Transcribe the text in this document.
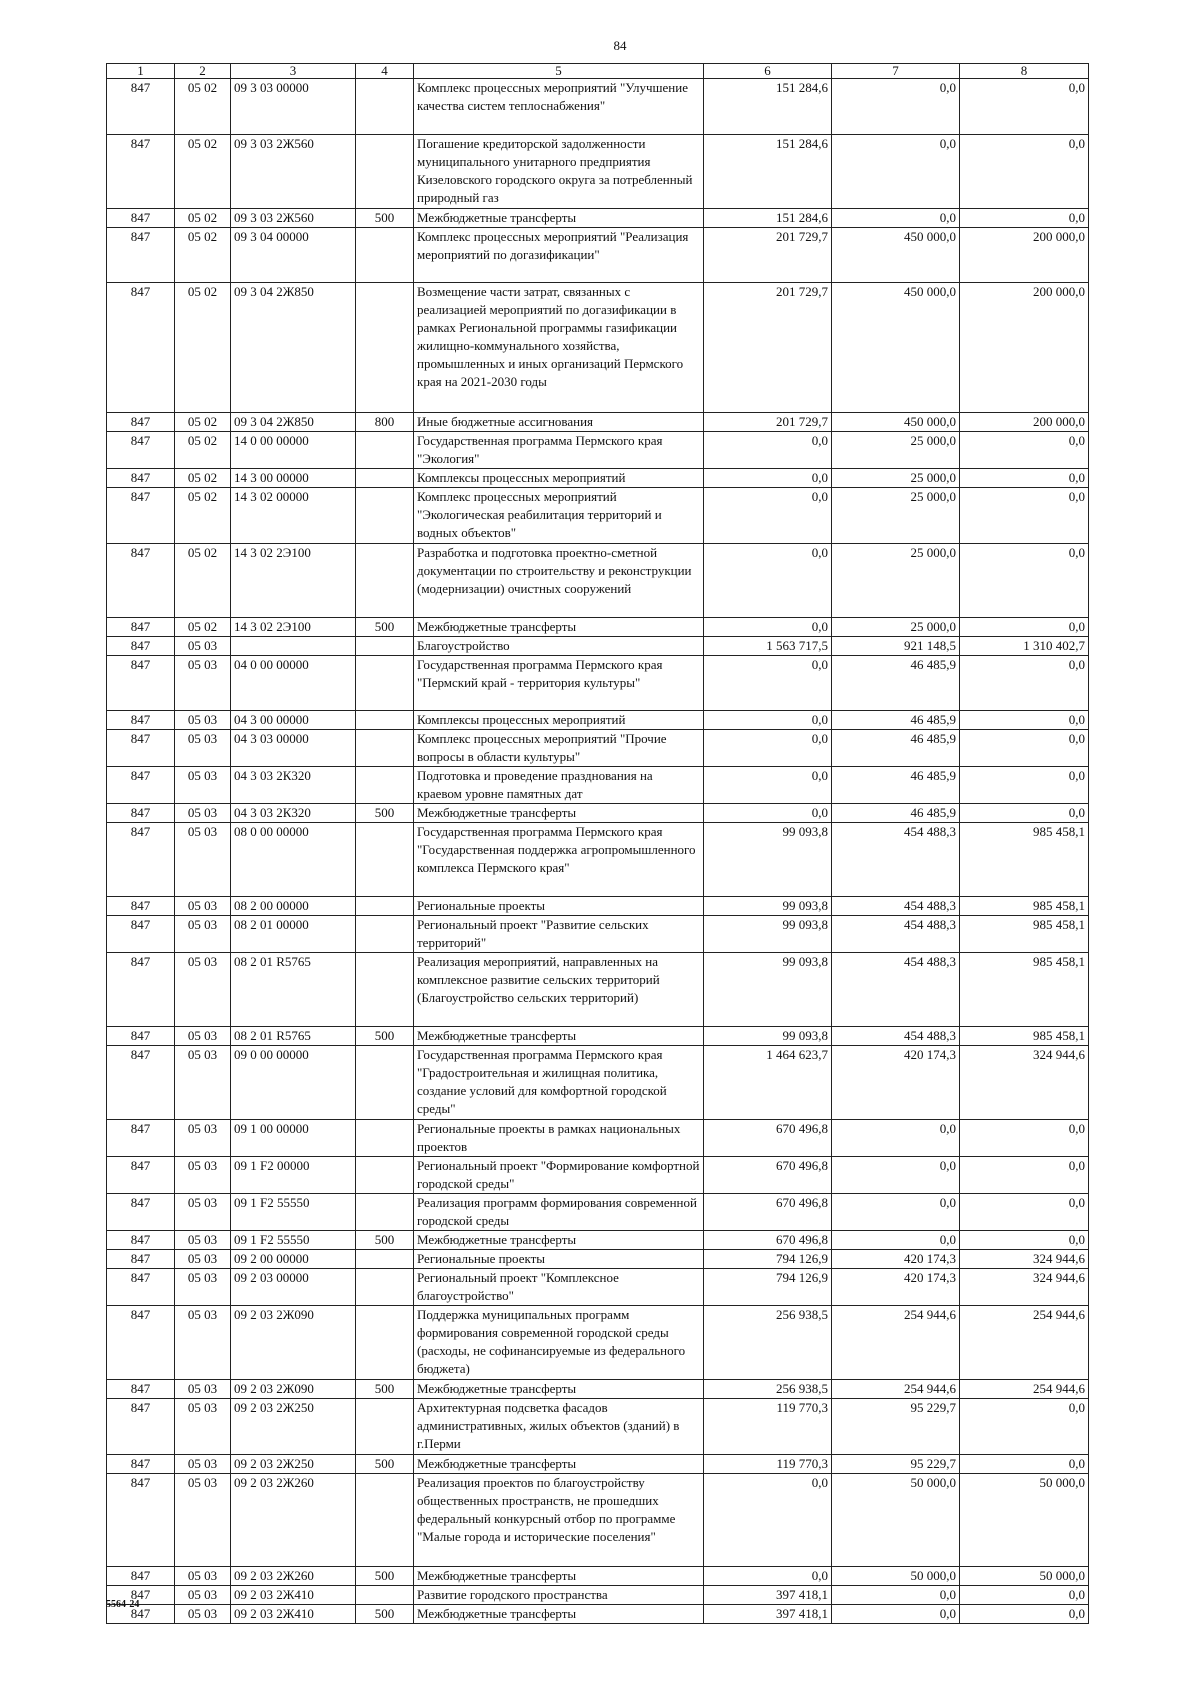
84
1	2	3	4	5	6	7	8
847	05 02	09 3 03 00000		Комплекс процессных мероприятий "Улучшение качества систем теплоснабжения"	151 284,6	0,0	0,0
847	05 02	09 3 03 2Ж560		Погашение кредиторской задолженности муниципального унитарного предприятия Кизеловского городского округа за потребленный природный газ	151 284,6	0,0	0,0
847	05 02	09 3 03 2Ж560	500	Межбюджетные трансферты	151 284,6	0,0	0,0
847	05 02	09 3 04 00000		Комплекс процессных мероприятий "Реализация мероприятий по догазификации"	201 729,7	450 000,0	200 000,0
847	05 02	09 3 04 2Ж850		Возмещение части затрат, связанных с реализацией мероприятий по догазификации в рамках Региональной программы газификации жилищно-коммунального хозяйства, промышленных и иных организаций Пермского края на 2021-2030 годы	201 729,7	450 000,0	200 000,0
847	05 02	09 3 04 2Ж850	800	Иные бюджетные ассигнования	201 729,7	450 000,0	200 000,0
847	05 02	14 0 00 00000		Государственная программа Пермского края "Экология"	0,0	25 000,0	0,0
847	05 02	14 3 00 00000		Комплексы процессных мероприятий	0,0	25 000,0	0,0
847	05 02	14 3 02 00000		Комплекс процессных мероприятий "Экологическая реабилитация территорий и водных объектов"	0,0	25 000,0	0,0
847	05 02	14 3 02 2Э100		Разработка и подготовка проектно-сметной документации по строительству и реконструкции (модернизации) очистных сооружений	0,0	25 000,0	0,0
847	05 02	14 3 02 2Э100	500	Межбюджетные трансферты	0,0	25 000,0	0,0
847	05 03			Благоустройство	1 563 717,5	921 148,5	1 310 402,7
847	05 03	04 0 00 00000		Государственная программа Пермского края "Пермский край - территория культуры"	0,0	46 485,9	0,0
847	05 03	04 3 00 00000		Комплексы процессных мероприятий	0,0	46 485,9	0,0
847	05 03	04 3 03 00000		Комплекс процессных мероприятий "Прочие вопросы в области культуры"	0,0	46 485,9	0,0
847	05 03	04 3 03 2К320		Подготовка и проведение празднования на краевом уровне памятных дат	0,0	46 485,9	0,0
847	05 03	04 3 03 2К320	500	Межбюджетные трансферты	0,0	46 485,9	0,0
847	05 03	08 0 00 00000		Государственная программа Пермского края "Государственная поддержка агропромышленного комплекса Пермского края"	99 093,8	454 488,3	985 458,1
847	05 03	08 2 00 00000		Региональные проекты	99 093,8	454 488,3	985 458,1
847	05 03	08 2 01 00000		Региональный проект "Развитие сельских территорий"	99 093,8	454 488,3	985 458,1
847	05 03	08 2 01 R5765		Реализация мероприятий, направленных на комплексное развитие сельских территорий (Благоустройство сельских территорий)	99 093,8	454 488,3	985 458,1
847	05 03	08 2 01 R5765	500	Межбюджетные трансферты	99 093,8	454 488,3	985 458,1
847	05 03	09 0 00 00000		Государственная программа Пермского края "Градостроительная и жилищная политика, создание условий для комфортной городской среды"	1 464 623,7	420 174,3	324 944,6
847	05 03	09 1 00 00000		Региональные проекты в рамках национальных проектов	670 496,8	0,0	0,0
847	05 03	09 1 F2 00000		Региональный проект "Формирование комфортной городской среды"	670 496,8	0,0	0,0
847	05 03	09 1 F2 55550		Реализация программ формирования современной городской среды	670 496,8	0,0	0,0
847	05 03	09 1 F2 55550	500	Межбюджетные трансферты	670 496,8	0,0	0,0
847	05 03	09 2 00 00000		Региональные проекты	794 126,9	420 174,3	324 944,6
847	05 03	09 2 03 00000		Региональный проект "Комплексное благоустройство"	794 126,9	420 174,3	324 944,6
847	05 03	09 2 03 2Ж090		Поддержка муниципальных программ формирования современной городской среды (расходы, не софинансируемые из федерального бюджета)	256 938,5	254 944,6	254 944,6
847	05 03	09 2 03 2Ж090	500	Межбюджетные трансферты	256 938,5	254 944,6	254 944,6
847	05 03	09 2 03 2Ж250		Архитектурная подсветка фасадов административных, жилых объектов (зданий) в г.Перми	119 770,3	95 229,7	0,0
847	05 03	09 2 03 2Ж250	500	Межбюджетные трансферты	119 770,3	95 229,7	0,0
847	05 03	09 2 03 2Ж260		Реализация проектов по благоустройству общественных пространств, не прошедших федеральный конкурсный отбор по программе "Малые города и исторические поселения"	0,0	50 000,0	50 000,0
847	05 03	09 2 03 2Ж260	500	Межбюджетные трансферты	0,0	50 000,0	50 000,0
847	05 03	09 2 03 2Ж410		Развитие городского пространства	397 418,1	0,0	0,0
847	05 03	09 2 03 2Ж410	500	Межбюджетные трансферты	397 418,1	0,0	0,0
5564-24
